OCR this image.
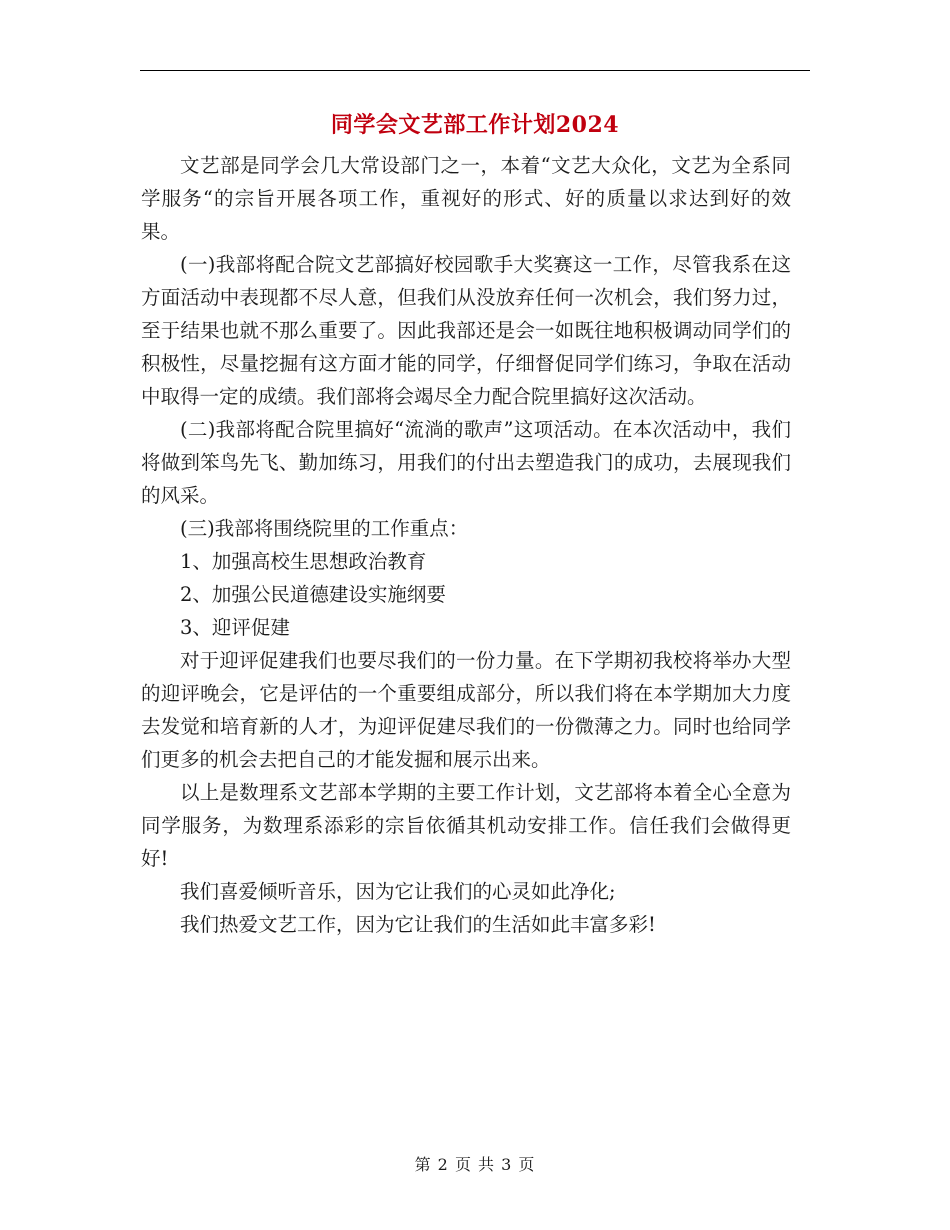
同学会文艺部工作计划2024

文艺部是同学会几大常设部门之一，本着“文艺大众化，文艺为全系同学服务“的宗旨开展各项工作，重视好的形式、好的质量以求达到好的效果。

(一)我部将配合院文艺部搞好校园歌手大奖赛这一工作，尽管我系在这方面活动中表现都不尽人意，但我们从没放弃任何一次机会，我们努力过，至于结果也就不那么重要了。因此我部还是会一如既往地积极调动同学们的积极性，尽量挖掘有这方面才能的同学，仔细督促同学们练习，争取在活动中取得一定的成绩。我们部将会竭尽全力配合院里搞好这次活动。

(二)我部将配合院里搞好“流淌的歌声”这项活动。在本次活动中，我们将做到笨鸟先飞、勤加练习，用我们的付出去塑造我门的成功，去展现我们的风采。

(三)我部将围绕院里的工作重点：

1、加强高校生思想政治教育

2、加强公民道德建设实施纲要

3、迎评促建

对于迎评促建我们也要尽我们的一份力量。在下学期初我校将举办大型的迎评晚会，它是评估的一个重要组成部分，所以我们将在本学期加大力度去发觉和培育新的人才，为迎评促建尽我们的一份微薄之力。同时也给同学们更多的机会去把自己的才能发掘和展示出来。

以上是数理系文艺部本学期的主要工作计划，文艺部将本着全心全意为同学服务，为数理系添彩的宗旨依循其机动安排工作。信任我们会做得更好!

我们喜爱倾听音乐，因为它让我们的心灵如此净化;

我们热爱文艺工作，因为它让我们的生活如此丰富多彩!

第 2 页 共 3 页
